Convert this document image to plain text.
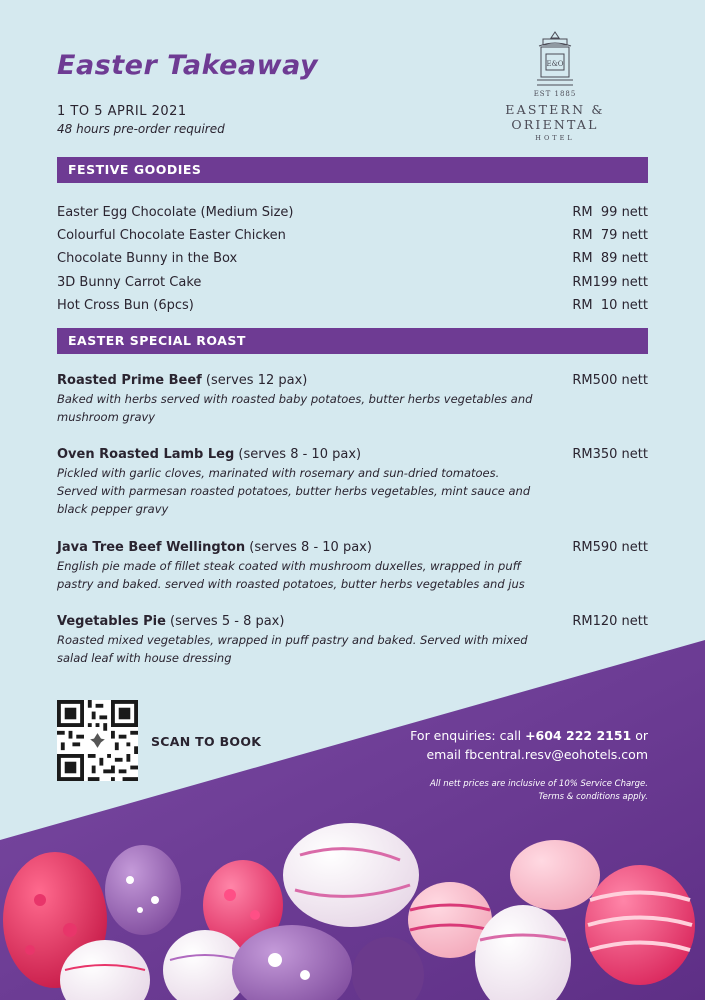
Easter Takeaway
1 TO 5 APRIL 2021
48 hours pre-order required
E&O
EST 1885
EASTERN & ORIENTAL
HOTEL
FESTIVE GOODIES
Easter Egg Chocolate (Medium Size)	RM  99 nett
Colourful Chocolate Easter Chicken	RM  79 nett
Chocolate Bunny in the Box	RM  89 nett
3D Bunny Carrot Cake	RM199 nett
Hot Cross Bun (6pcs)	RM  10 nett
EASTER SPECIAL ROAST
Roasted Prime Beef (serves 12 pax)	RM500 nett
Baked with herbs served with roasted baby potatoes, butter herbs vegetables and mushroom gravy
Oven Roasted Lamb Leg (serves 8 - 10 pax)	RM350 nett
Pickled with garlic cloves, marinated with rosemary and sun-dried tomatoes. Served with parmesan roasted potatoes, butter herbs vegetables, mint sauce and black pepper gravy
Java Tree Beef Wellington (serves 8 - 10 pax)	RM590 nett
English pie made of fillet steak coated with mushroom duxelles, wrapped in puff pastry and baked. served with roasted potatoes, butter herbs vegetables and jus
Vegetables Pie (serves 5 - 8 pax)	RM120 nett
Roasted mixed vegetables, wrapped in puff pastry and baked. Served with mixed salad leaf with house dressing
SCAN TO BOOK	For enquiries: call +604 222 2151 or
email fbcentral.resv@eohotels.com
All nett prices are inclusive of 10% Service Charge.
Terms & conditions apply.
